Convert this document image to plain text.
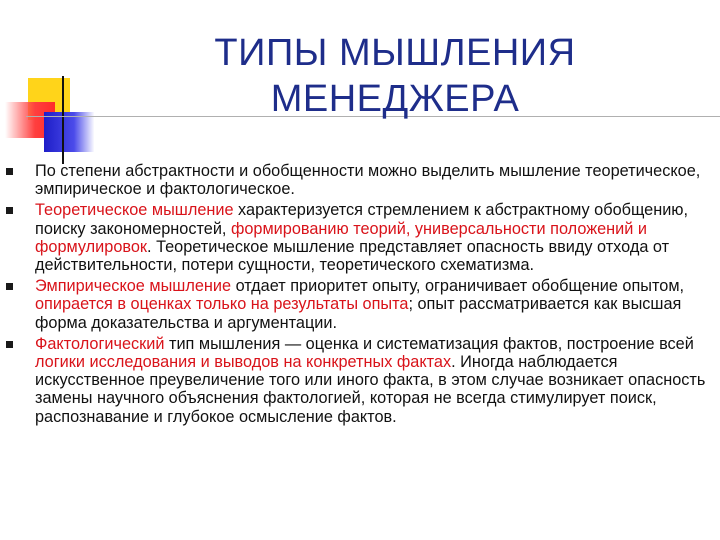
ТИПЫ МЫШЛЕНИЯ
МЕНЕДЖЕРА
По степени абстрактности и обобщенности можно выделить мышление теоретическое, эмпирическое и фактологическое.
Теоретическое мышление характеризуется стремлением к абстрактному обобщению, поиску закономерностей, формированию теорий, универсальности положений и формулировок. Теоретическое мышление представляет опасность ввиду отхода от действительности, потери сущности, теоретического схематизма.
Эмпирическое мышление отдает приоритет опыту, ограничивает обобщение опытом, опирается в оценках только на результаты опыта; опыт рассматривается как высшая форма доказательства и аргументации.
Фактологический тип мышления — оценка и систематизация фактов, построение всей логики исследования и выводов на конкретных фактах. Иногда наблюдается искусственное преувеличение того или иного факта, в этом случае возникает опасность замены научного объяснения фактологией, которая не всегда стимулирует поиск, распознавание и глубокое осмысление фактов.
